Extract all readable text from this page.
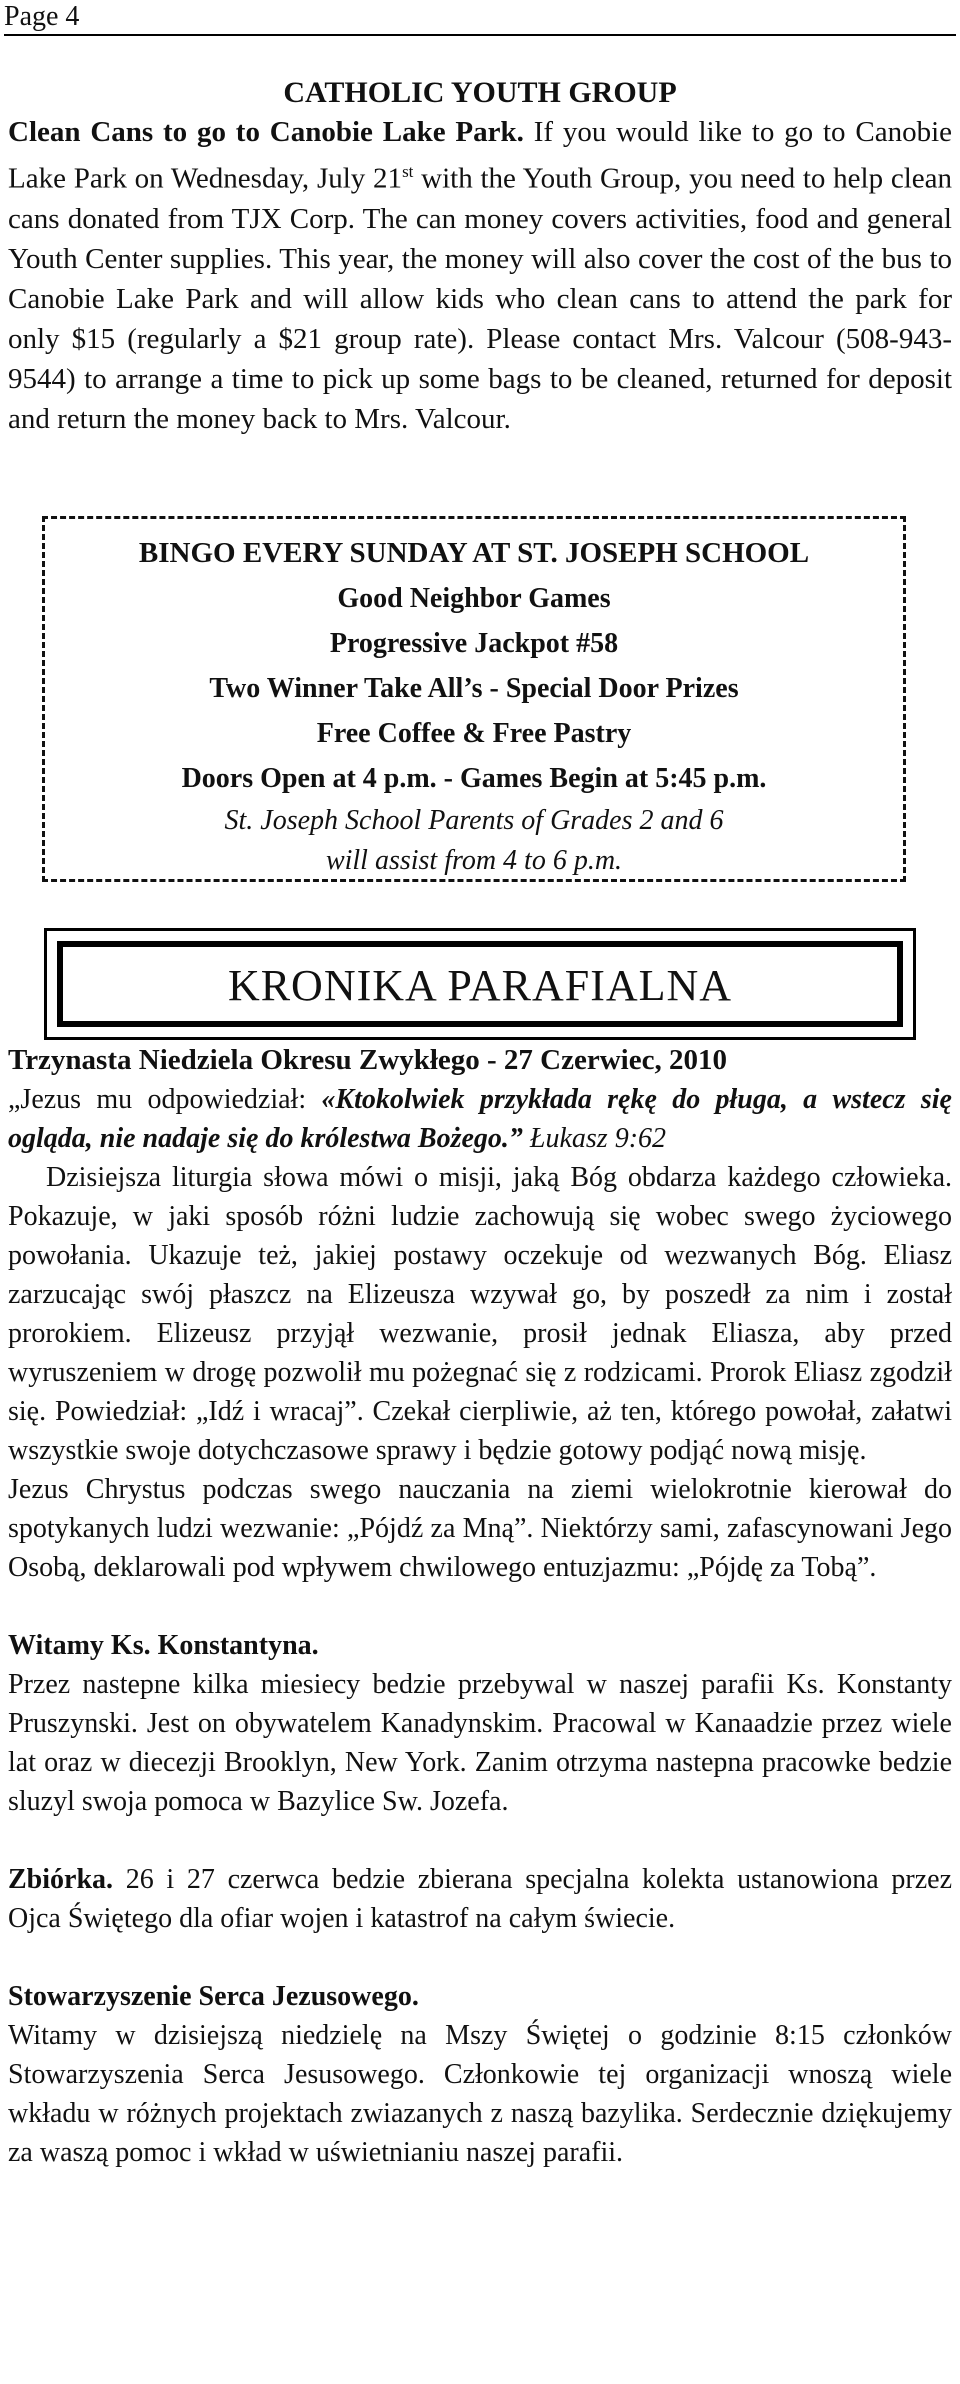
Page 4
CATHOLIC YOUTH GROUP

Clean Cans to go to Canobie Lake Park. If you would like to go to Canobie Lake Park on Wednesday, July 21st with the Youth Group, you need to help clean cans donated from TJX Corp. The can money covers activities, food and general Youth Center supplies. This year, the money will also cover the cost of the bus to Canobie Lake Park and will allow kids who clean cans to attend the park for only $15 (regularly a $21 group rate). Please contact Mrs. Valcour (508-943-9544) to arrange a time to pick up some bags to be cleaned, returned for deposit and return the money back to Mrs. Valcour.

BINGO EVERY SUNDAY AT ST. JOSEPH SCHOOL
Good Neighbor Games
Progressive Jackpot #58
Two Winner Take All’s - Special Door Prizes
Free Coffee & Free Pastry
Doors Open at 4 p.m. - Games Begin at 5:45 p.m.
St. Joseph School Parents of Grades 2 and 6
will assist from 4 to 6 p.m.
KRONIKA PARAFIALNA

Trzynasta Niedziela Okresu Zwykłego - 27 Czerwiec, 2010

„Jezus mu odpowiedział: «Ktokolwiek przykłada rękę do pługa, a wstecz się ogląda, nie nadaje się do królestwa Bożego.” Łukasz 9:62

Dzisiejsza liturgia słowa mówi o misji, jaką Bóg obdarza każdego człowieka. Pokazuje, w jaki sposób różni ludzie zachowują się wobec swego życiowego powołania. Ukazuje też, jakiej postawy oczekuje od wezwanych Bóg. Eliasz zarzucając swój płaszcz na Elizeusza wzywał go, by poszedł za nim i został prorokiem. Elizeusz przyjął wezwanie, prosił jednak Eliasza, aby przed wyruszeniem w drogę pozwolił mu pożegnać się z rodzicami. Prorok Eliasz zgodził się. Powiedział: „Idź i wracaj”. Czekał cierpliwie, aż ten, którego powołał, załatwi wszystkie swoje dotychczasowe sprawy i będzie gotowy podjąć nową misję.

Jezus Chrystus podczas swego nauczania na ziemi wielokrotnie kierował do spotykanych ludzi wezwanie: „Pójdź za Mną”. Niektórzy sami, zafascynowani Jego Osobą, deklarowali pod wpływem chwilowego entuzjazmu: „Pójdę za Tobą”.

Witamy Ks. Konstantyna.

Przez nastepne kilka miesiecy bedzie przebywal w naszej parafii Ks. Konstanty Pruszynski. Jest on obywatelem Kanadynskim. Pracowal w Kanaadzie przez wiele lat oraz w diecezji Brooklyn, New York. Zanim otrzyma nastepna pracowke bedzie sluzyl swoja pomoca w Bazylice Sw. Jozefa.

Zbiórka. 26 i 27 czerwca bedzie zbierana specjalna kolekta ustanowiona przez Ojca Świętego dla ofiar wojen i katastrof na całym świecie.

Stowarzyszenie Serca Jezusowego.

Witamy w dzisiejszą niedzielę na Mszy Świętej o godzinie 8:15 członków Stowarzyszenia Serca Jesusowego. Członkowie tej organizacji wnoszą wiele wkładu w różnych projektach zwiazanych z naszą bazylika. Serdecznie dziękujemy za waszą pomoc i wkład w uświetnianiu naszej parafii.
